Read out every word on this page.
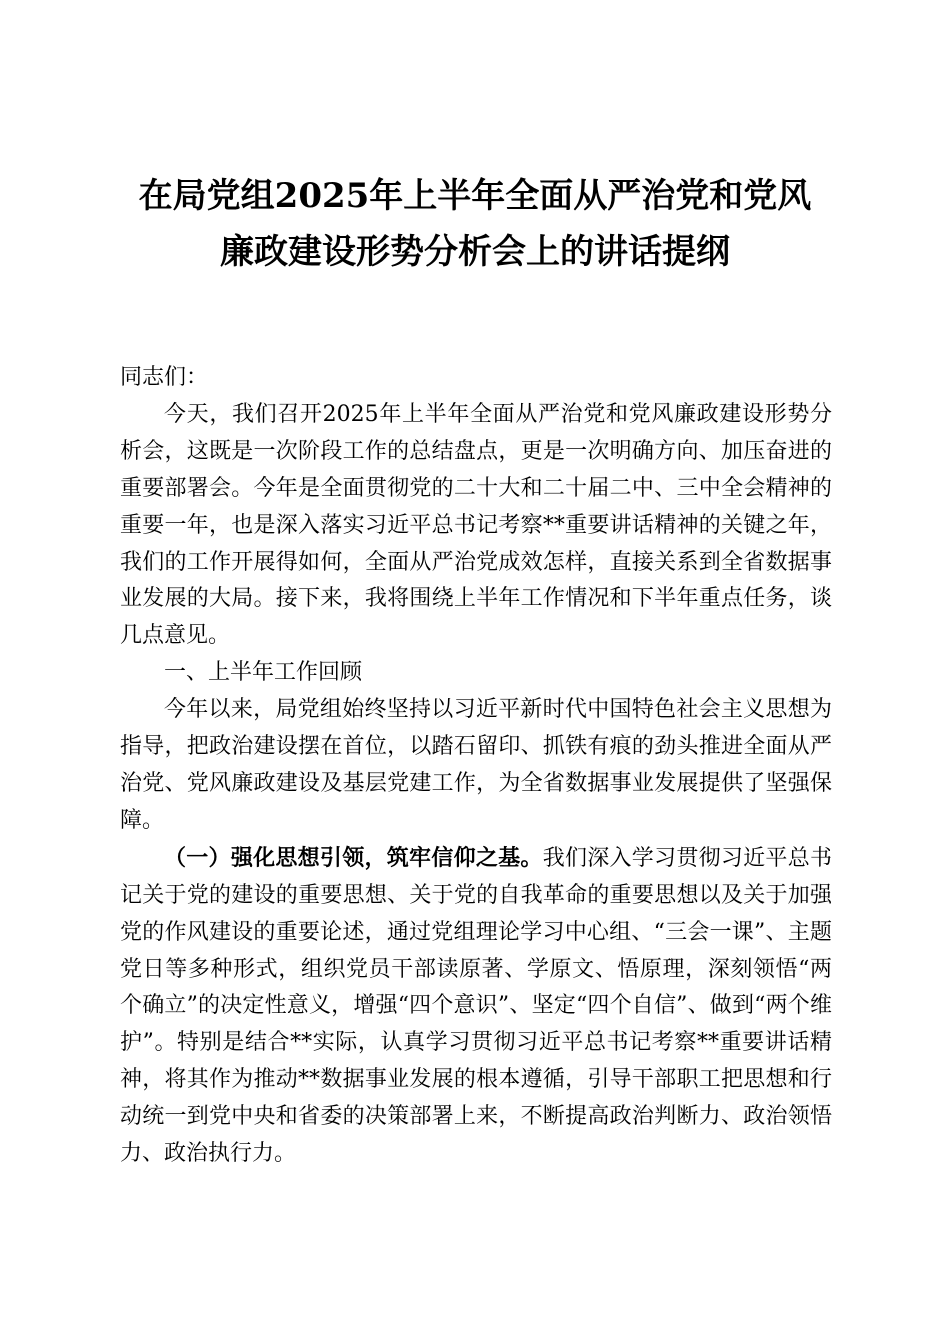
在局党组2025年上半年全面从严治党和党风
廉政建设形势分析会上的讲话提纲

同志们：

今天，我们召开2025年上半年全面从严治党和党风廉政建设形势分析会，这既是一次阶段工作的总结盘点，更是一次明确方向、加压奋进的重要部署会。今年是全面贯彻党的二十大和二十届二中、三中全会精神的重要一年，也是深入落实习近平总书记考察**重要讲话精神的关键之年，我们的工作开展得如何，全面从严治党成效怎样，直接关系到全省数据事业发展的大局。接下来，我将围绕上半年工作情况和下半年重点任务，谈几点意见。

一、上半年工作回顾

今年以来，局党组始终坚持以习近平新时代中国特色社会主义思想为指导，把政治建设摆在首位，以踏石留印、抓铁有痕的劲头推进全面从严治党、党风廉政建设及基层党建工作，为全省数据事业发展提供了坚强保障。

（一）强化思想引领，筑牢信仰之基。我们深入学习贯彻习近平总书记关于党的建设的重要思想、关于党的自我革命的重要思想以及关于加强党的作风建设的重要论述，通过党组理论学习中心组、“三会一课”、主题党日等多种形式，组织党员干部读原著、学原文、悟原理，深刻领悟“两个确立”的决定性意义，增强“四个意识”、坚定“四个自信”、做到“两个维护”。特别是结合**实际，认真学习贯彻习近平总书记考察**重要讲话精神，将其作为推动**数据事业发展的根本遵循，引导干部职工把思想和行动统一到党中央和省委的决策部署上来，不断提高政治判断力、政治领悟力、政治执行力。
